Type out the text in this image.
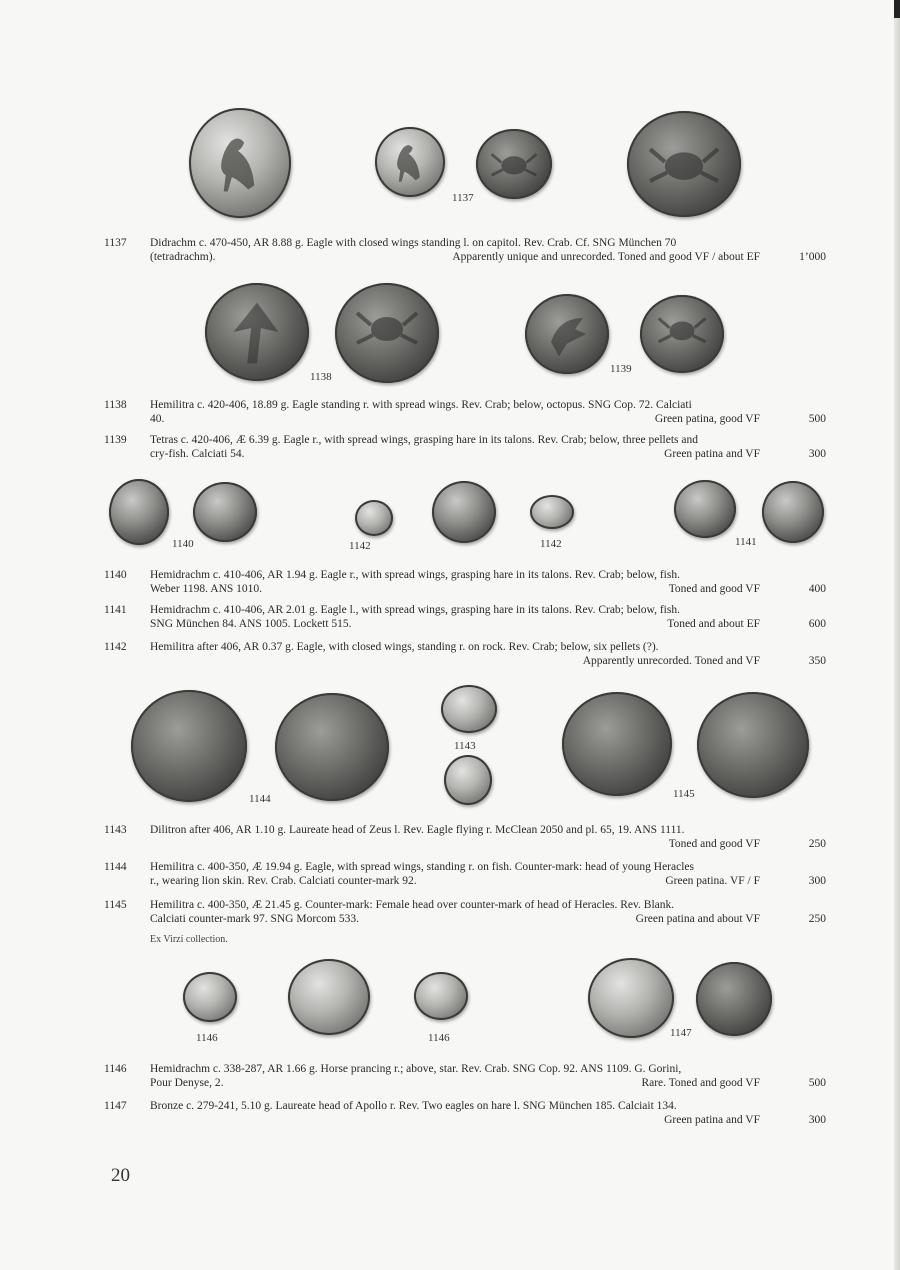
1137
1137	Didrachm c. 470-450, AR 8.88 g. Eagle with closed wings standing l. on capitol. Rev. Crab. Cf. SNG München 70
(tetradrachm).	Apparently unique and unrecorded. Toned and good VF / about EF	1’000
1138
1139
1138	Hemilitra c. 420-406, 18.89 g. Eagle standing r. with spread wings. Rev. Crab; below, octopus. SNG Cop. 72. Calciati
40.	Green patina, good VF	500
1139	Tetras c. 420-406, Æ 6.39 g. Eagle r., with spread wings, grasping hare in its talons. Rev. Crab; below, three pellets and
cry-fish. Calciati 54.	Green patina and VF	300
1140	1142	1142	1141
1140	Hemidrachm c. 410-406, AR 1.94 g. Eagle r., with spread wings, grasping hare in its talons. Rev. Crab; below, fish.
Weber 1198. ANS 1010.	Toned and good VF	400
1141	Hemidrachm c. 410-406, AR 2.01 g. Eagle l., with spread wings, grasping hare in its talons. Rev. Crab; below, fish.
SNG München 84. ANS 1005. Lockett 515.	Toned and about EF	600
1142	Hemilitra after 406, AR 0.37 g. Eagle, with closed wings, standing r. on rock. Rev. Crab; below, six pellets (?).
Apparently unrecorded. Toned and VF	350
1144
1143
1145
1143	Dilitron after 406, AR 1.10 g. Laureate head of Zeus l. Rev. Eagle flying r. McClean 2050 and pl. 65, 19. ANS 1111.
Toned and good VF	250
1144	Hemilitra c. 400-350, Æ 19.94 g. Eagle, with spread wings, standing r. on fish. Counter-mark: head of young Heracles
r., wearing lion skin. Rev. Crab. Calciati counter-mark 92.	Green patina. VF / F	300
1145	Hemilitra c. 400-350, Æ 21.45 g. Counter-mark: Female head over counter-mark of head of Heracles. Rev. Blank.
Calciati counter-mark 97. SNG Morcom 533.	Green patina and about VF	250
Ex Virzí collection.
1146	1146	1147
1146	Hemidrachm c. 338-287, AR 1.66 g. Horse prancing r.; above, star. Rev. Crab. SNG Cop. 92. ANS 1109. G. Gorini,
Pour Denyse, 2.	Rare. Toned and good VF	500
1147	Bronze c. 279-241, 5.10 g. Laureate head of Apollo r. Rev. Two eagles on hare l. SNG München 185. Calciait 134.
Green patina and VF	300
20
